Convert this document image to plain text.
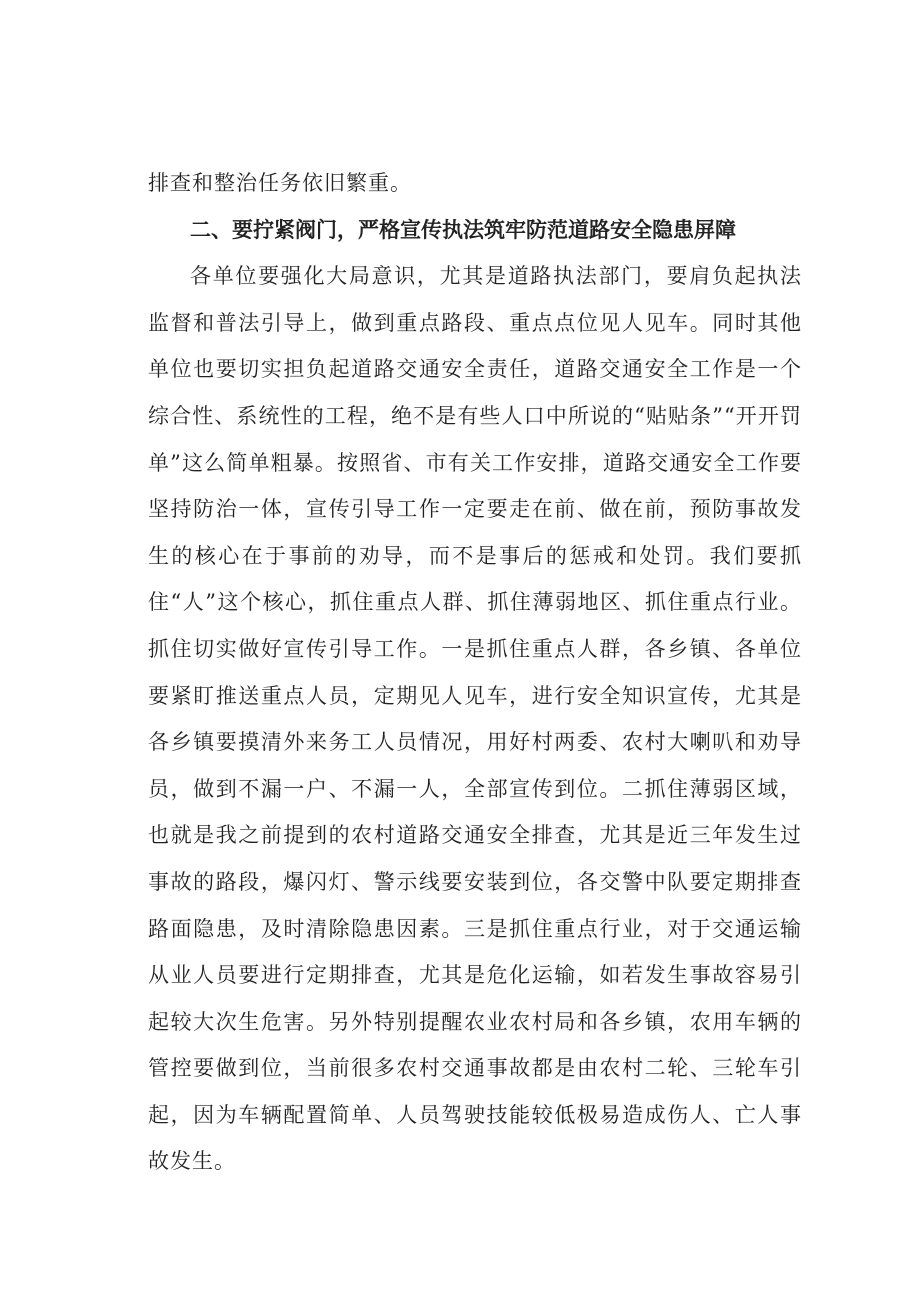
排查和整治任务依旧繁重。

二、要拧紧阀门，严格宣传执法筑牢防范道路安全隐患屏障

各单位要强化大局意识，尤其是道路执法部门，要肩负起执法监督和普法引导上，做到重点路段、重点点位见人见车。同时其他单位也要切实担负起道路交通安全责任，道路交通安全工作是一个综合性、系统性的工程，绝不是有些人口中所说的“贴贴条”“开开罚单”这么简单粗暴。按照省、市有关工作安排，道路交通安全工作要坚持防治一体，宣传引导工作一定要走在前、做在前，预防事故发生的核心在于事前的劝导，而不是事后的惩戒和处罚。我们要抓住“人”这个核心，抓住重点人群、抓住薄弱地区、抓住重点行业。抓住切实做好宣传引导工作。一是抓住重点人群，各乡镇、各单位要紧盯推送重点人员，定期见人见车，进行安全知识宣传，尤其是各乡镇要摸清外来务工人员情况，用好村两委、农村大喇叭和劝导员，做到不漏一户、不漏一人，全部宣传到位。二抓住薄弱区域，也就是我之前提到的农村道路交通安全排查，尤其是近三年发生过事故的路段，爆闪灯、警示线要安装到位，各交警中队要定期排查路面隐患，及时清除隐患因素。三是抓住重点行业，对于交通运输从业人员要进行定期排查，尤其是危化运输，如若发生事故容易引起较大次生危害。另外特别提醒农业农村局和各乡镇，农用车辆的管控要做到位，当前很多农村交通事故都是由农村二轮、三轮车引起，因为车辆配置简单、人员驾驶技能较低极易造成伤人、亡人事故发生。
